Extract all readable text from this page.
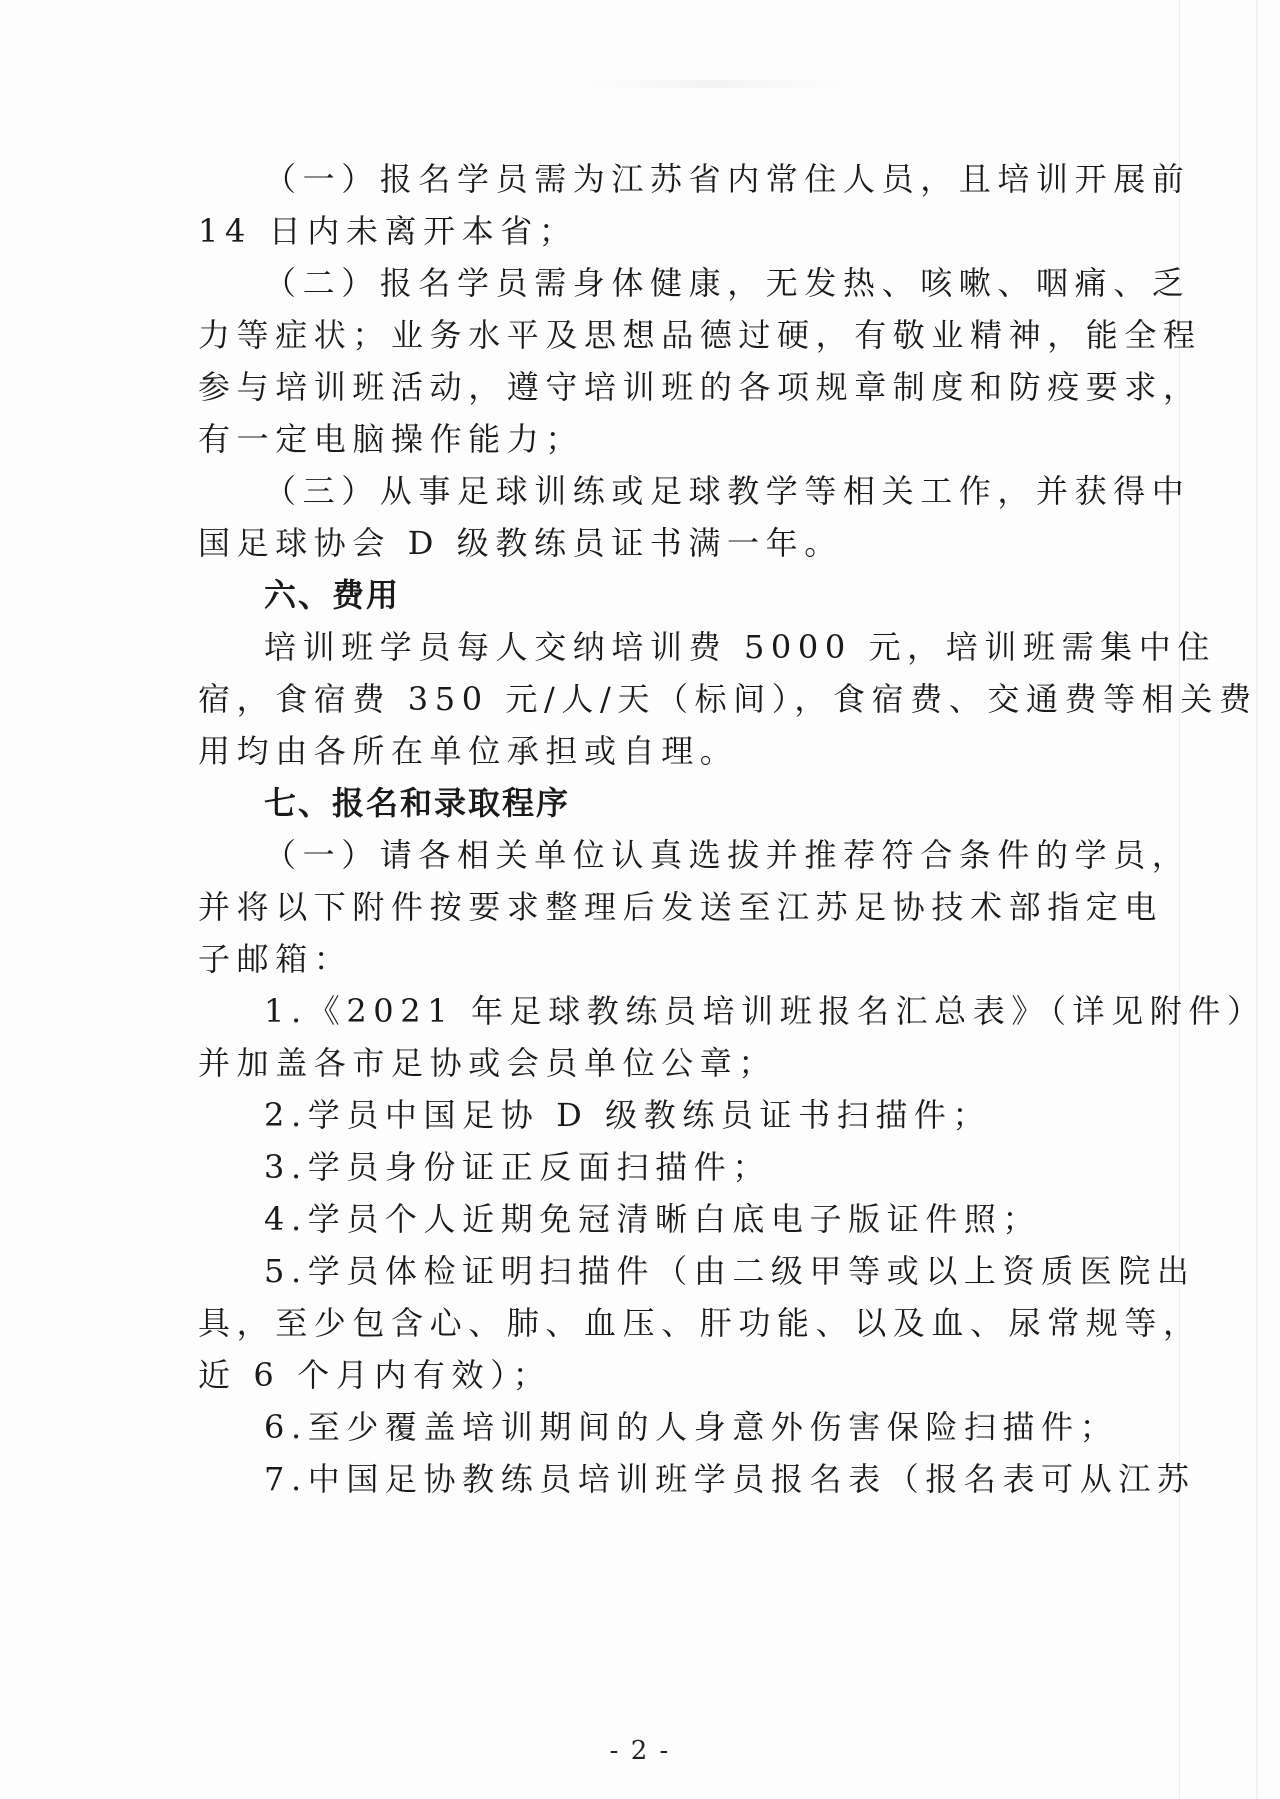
（一）报名学员需为江苏省内常住人员，且培训开展前
14 日内未离开本省；
（二）报名学员需身体健康，无发热、咳嗽、咽痛、乏
力等症状；业务水平及思想品德过硬，有敬业精神，能全程
参与培训班活动，遵守培训班的各项规章制度和防疫要求，
有一定电脑操作能力；
（三）从事足球训练或足球教学等相关工作，并获得中
国足球协会 D 级教练员证书满一年。
六、费用
培训班学员每人交纳培训费 5000 元，培训班需集中住
宿，食宿费 350 元/人/天（标间），食宿费、交通费等相关费
用均由各所在单位承担或自理。
七、报名和录取程序
（一）请各相关单位认真选拔并推荐符合条件的学员，
并将以下附件按要求整理后发送至江苏足协技术部指定电
子邮箱：
1.《2021 年足球教练员培训班报名汇总表》（详见附件）
并加盖各市足协或会员单位公章；
2.学员中国足协 D 级教练员证书扫描件；
3.学员身份证正反面扫描件；
4.学员个人近期免冠清晰白底电子版证件照；
5.学员体检证明扫描件（由二级甲等或以上资质医院出
具，至少包含心、肺、血压、肝功能、以及血、尿常规等，
近 6 个月内有效）；
6.至少覆盖培训期间的人身意外伤害保险扫描件；
7.中国足协教练员培训班学员报名表（报名表可从江苏
- 2 -
